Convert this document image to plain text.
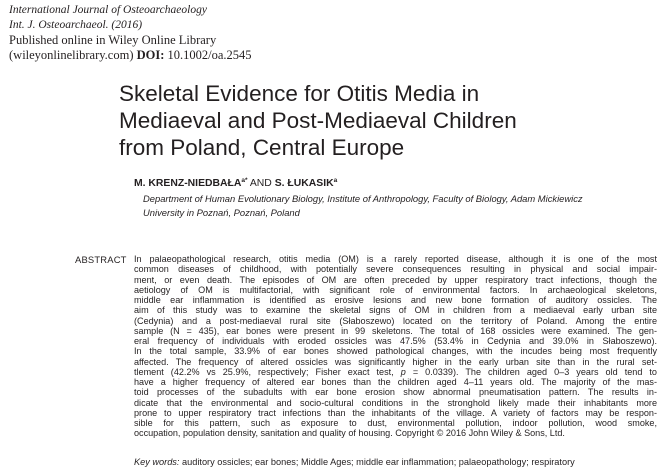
International Journal of Osteoarchaeology
Int. J. Osteoarchaeol. (2016)
Published online in Wiley Online Library
(wileyonlinelibrary.com) DOI: 10.1002/oa.2545
Skeletal Evidence for Otitis Media in
Mediaeval and Post-Mediaeval Children
from Poland, Central Europe
M. KRENZ-$NIEDBAŁA^{a*}$ AND S. ŁUKASIK$^a$
Department of Human Evolutionary Biology, Institute of Anthropology, Faculty of Biology, Adam Mickiewicz
University in Poznań, Poznań, Poland
ABSTRACT In palaeopathological research, otitis media (OM) is a rarely reported disease, although it is one of the most
common diseases of childhood, with potentially severe consequences resulting in physical and social impair-
ment, or even death. The episodes of OM are often preceded by upper respiratory tract infections, though the
aetiology of OM is multifactorial, with significant role of environmental factors. In archaeological skeletons,
middle ear inflammation is identified as erosive lesions and new bone formation of auditory ossicles. The
aim of this study was to examine the skeletal signs of OM in children from a mediaeval early urban site
(Cedynia) and a post-mediaeval rural site (Słaboszewo) located on the territory of Poland. Among the entire
sample (N = 435), ear bones were present in 99 skeletons. The total of 168 ossicles were examined. The gen-
eral frequency of individuals with eroded ossicles was 47.5% (53.4% in Cedynia and 39.0% in Słaboszewo).
In the total sample, 33.9% of ear bones showed pathological changes, with the incudes being most frequently
affected. The frequency of altered ossicles was significantly higher in the early urban site than in the rural set-
tlement (42.2% vs 25.9%, respectively; Fisher exact test, p = 0.0339). The children aged 0–3 years old tend to
have a higher frequency of altered ear bones than the children aged 4–11 years old. The majority of the mas-
toid processes of the subadults with ear bone erosion show abnormal pneumatisation pattern. The results in-
dicate that the environmental and socio-cultural conditions in the stronghold likely made their inhabitants more
prone to upper respiratory tract infections than the inhabitants of the village. A variety of factors may be respon-
sible for this pattern, such as exposure to dust, environmental pollution, indoor pollution, wood smoke,
occupation, population density, sanitation and quality of housing. Copyright © 2016 John Wiley & Sons, Ltd.
Key words: auditory ossicles; ear bones; Middle Ages; middle ear inflammation; palaeopathology; respiratory
